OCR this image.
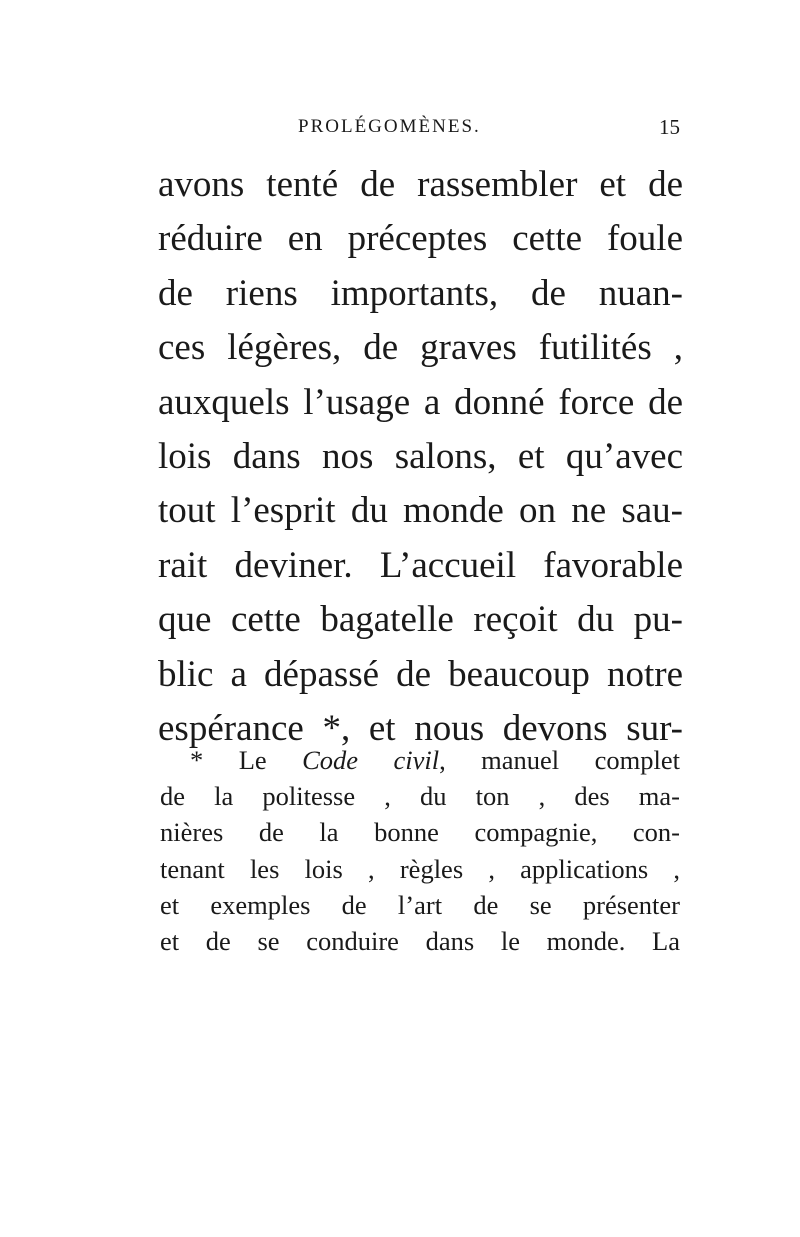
PROLÉGOMÈNES.	15
avons tenté de rassembler et de
réduire en préceptes cette foule
de riens importants, de nuan-
ces légères, de graves futilités ,
auxquels l’usage a donné force de
lois dans nos salons, et qu’avec
tout l’esprit du monde on ne sau-
rait deviner. L’accueil favorable
que cette bagatelle reçoit du pu-
blic a dépassé de beaucoup notre
espérance *, et nous devons sur-
* Le Code civil, manuel complet
de la politesse , du ton , des ma-
nières de la bonne compagnie, con-
tenant les lois , règles , applications ,
et exemples de l’art de se présenter
et de se conduire dans le monde. La
